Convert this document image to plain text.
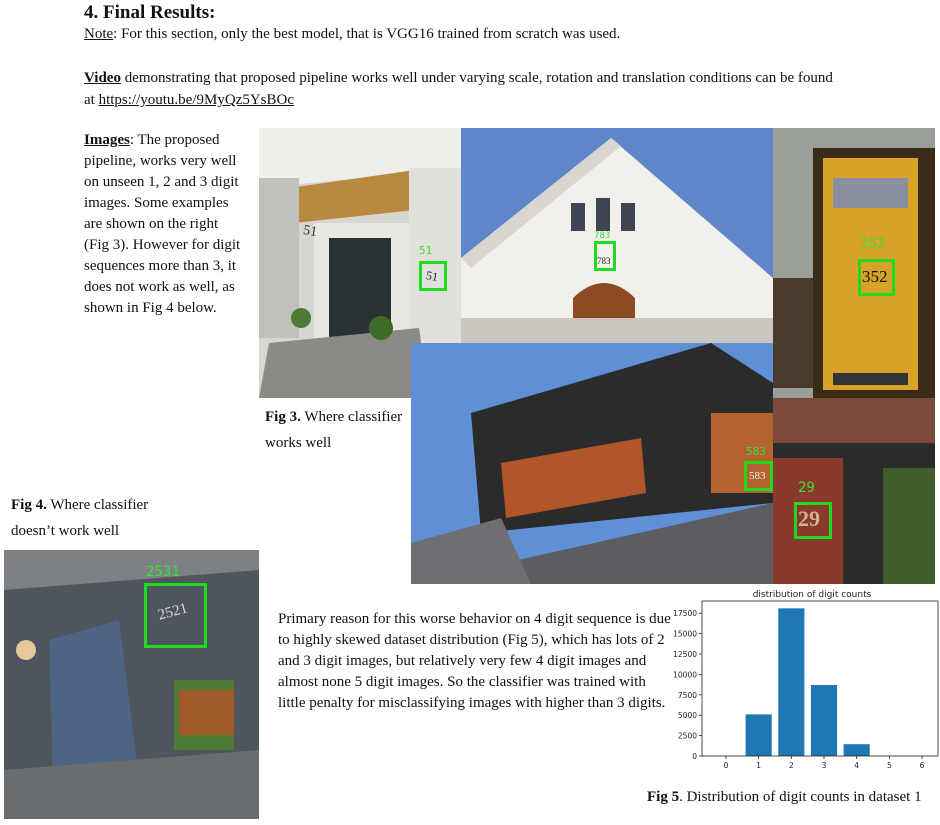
4. Final Results:
Note: For this section, only the best model, that is VGG16 trained from scratch was used.
Video demonstrating that proposed pipeline works well under varying scale, rotation and translation conditions can be found at https://youtu.be/9MyQz5YsBOc
Images: The proposed pipeline, works very well on unseen 1, 2 and 3 digit images. Some examples are shown on the right (Fig 3). However for digit sequences more than 3, it does not work as well, as shown in Fig 4 below.
51
51
51
783
783
352
352
583
583
29
29
Fig 3. Where classifier works well
Fig 4. Where classifier doesn’t work well
2521
2531
Primary reason for this worse behavior on 4 digit sequence is due to highly skewed dataset distribution (Fig 5), which has lots of 2 and 3 digit images, but relatively very few 4 digit images and almost none 5 digit images. So the classifier was trained with little penalty for misclassifying images with higher than 3 digits.
distribution of digit counts
0
2500
5000
7500
10000
12500
15000
17500
0	1	2	3	4	5	6
Fig 5. Distribution of digit counts in dataset 1
